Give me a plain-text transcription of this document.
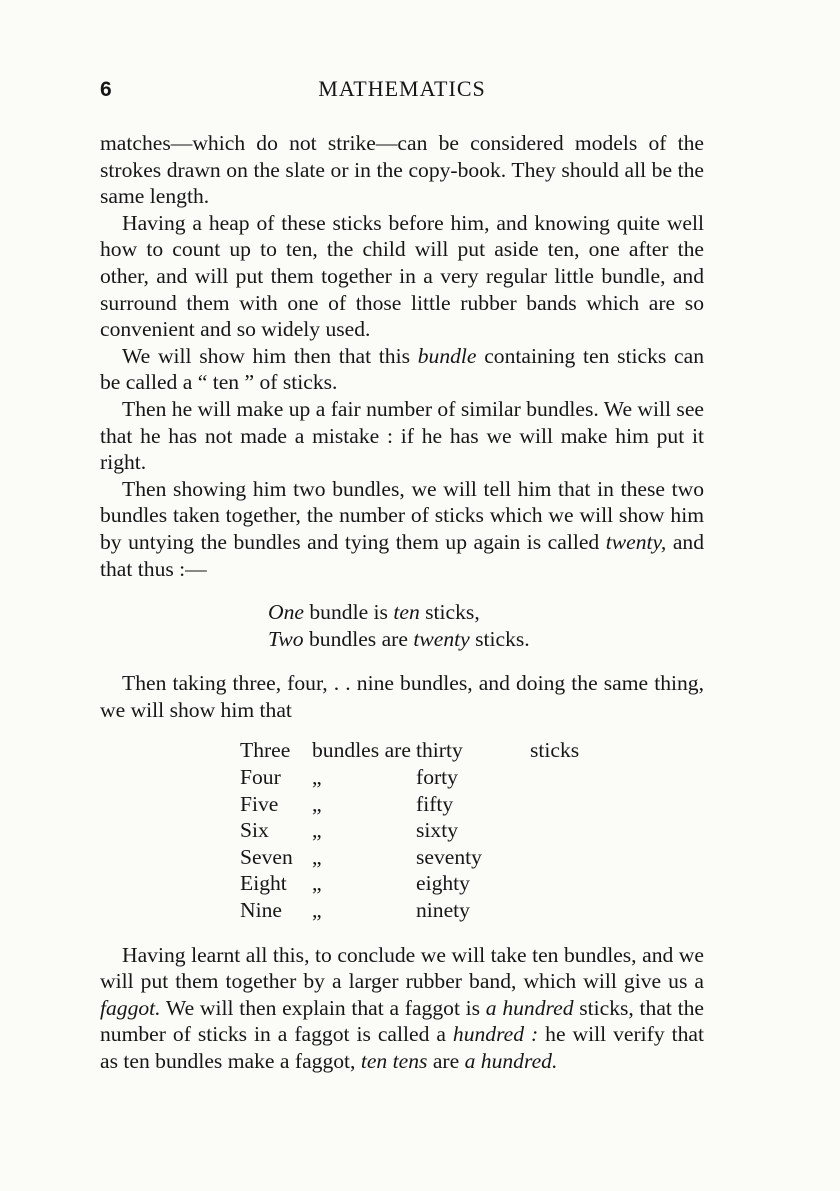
6	MATHEMATICS

matches—which do not strike—can be considered models of the strokes drawn on the slate or in the copy-book. They should all be the same length.

Having a heap of these sticks before him, and knowing quite well how to count up to ten, the child will put aside ten, one after the other, and will put them together in a very regular little bundle, and surround them with one of those little rubber bands which are so convenient and so widely used.

We will show him then that this bundle containing ten sticks can be called a “ ten ” of sticks.

Then he will make up a fair number of similar bundles. We will see that he has not made a mistake : if he has we will make him put it right.

Then showing him two bundles, we will tell him that in these two bundles taken together, the number of sticks which we will show him by untying the bundles and tying them up again is called twenty, and that thus :—

One bundle is ten sticks,
Two bundles are twenty sticks.

Then taking three, four, . . nine bundles, and doing the same thing, we will show him that

Three	bundles are	thirty	sticks
Four	„	forty	
Five	„	fifty	
Six	„	sixty	
Seven	„	seventy	
Eight	„	eighty	
Nine	„	ninety	

Having learnt all this, to conclude we will take ten bundles, and we will put them together by a larger rubber band, which will give us a faggot. We will then explain that a faggot is a hundred sticks, that the number of sticks in a faggot is called a hundred : he will verify that as ten bundles make a faggot, ten tens are a hundred.
